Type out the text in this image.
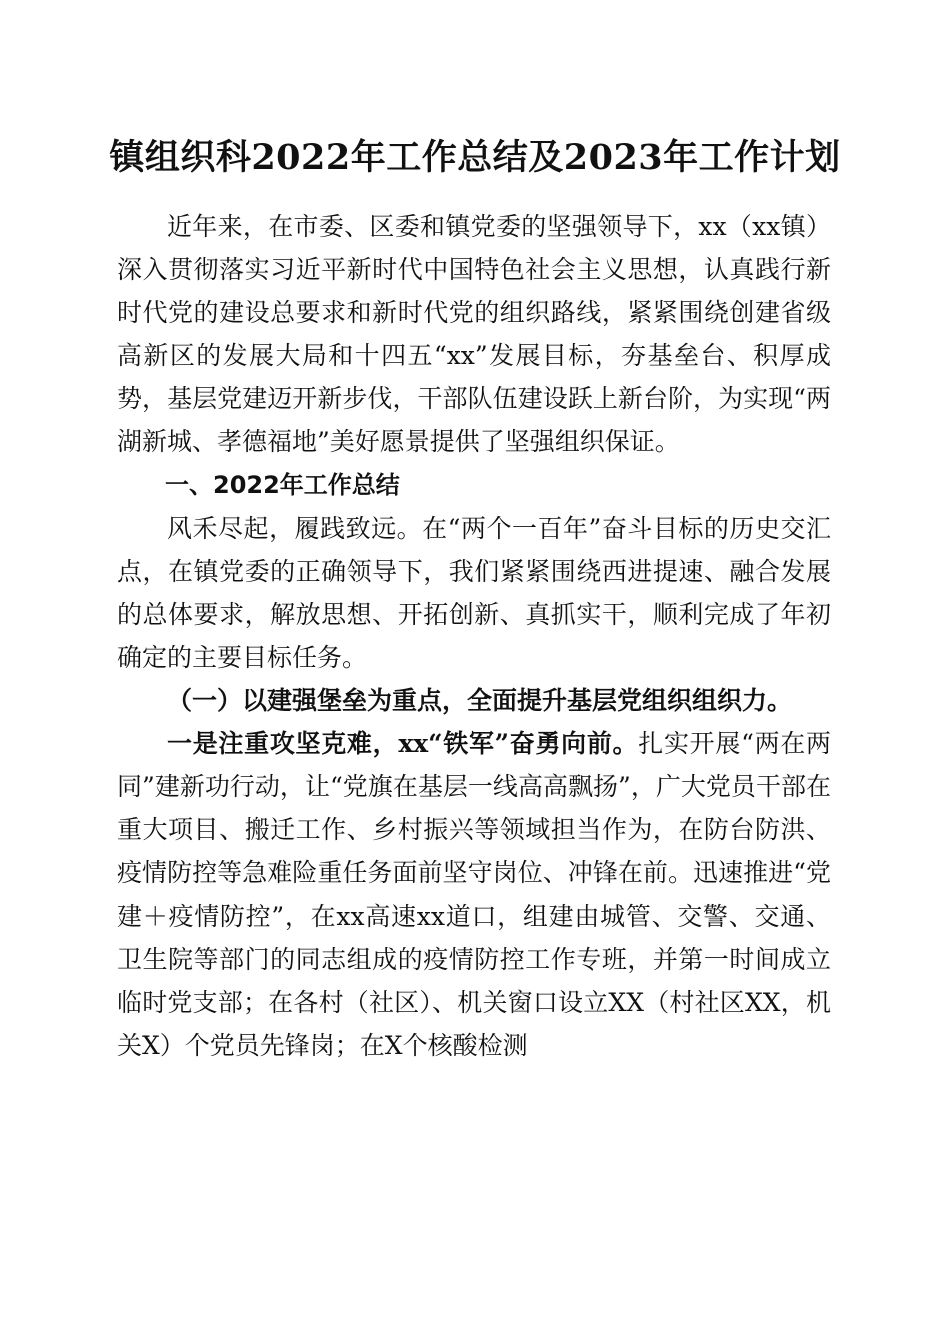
镇组织科2022年工作总结及2023年工作计划

近年来，在市委、区委和镇党委的坚强领导下，xx（xx镇）深入贯彻落实习近平新时代中国特色社会主义思想，认真践行新时代党的建设总要求和新时代党的组织路线，紧紧围绕创建省级高新区的发展大局和十四五“xx”发展目标，夯基垒台、积厚成势，基层党建迈开新步伐，干部队伍建设跃上新台阶，为实现“两湖新城、孝德福地”美好愿景提供了坚强组织保证。

一、2022年工作总结

风禾尽起，履践致远。在“两个一百年”奋斗目标的历史交汇点，在镇党委的正确领导下，我们紧紧围绕西进提速、融合发展的总体要求，解放思想、开拓创新、真抓实干，顺利完成了年初确定的主要目标任务。

（一）以建强堡垒为重点，全面提升基层党组织组织力。

一是注重攻坚克难，xx“铁军”奋勇向前。扎实开展“两在两同”建新功行动，让“党旗在基层一线高高飘扬”，广大党员干部在重大项目、搬迁工作、乡村振兴等领域担当作为，在防台防洪、疫情防控等急难险重任务面前坚守岗位、冲锋在前。迅速推进“党建＋疫情防控”，在xx高速xx道口，组建由城管、交警、交通、卫生院等部门的同志组成的疫情防控工作专班，并第一时间成立临时党支部；在各村（社区）、机关窗口设立XX（村社区XX，机关X）个党员先锋岗；在X个核酸检测
